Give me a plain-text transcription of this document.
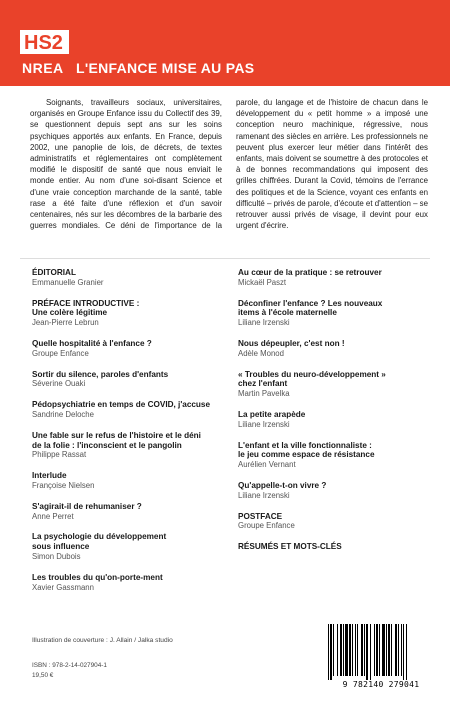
HS2
NREA L'ENFANCE MISE AU PAS

Soignants, travailleurs sociaux, universitaires, organisés en Groupe Enfance issu du Collectif des 39, se questionnent depuis sept ans sur les soins psychiques apportés aux enfants. En France, depuis 2002, une panoplie de lois, de décrets, de textes administratifs et réglementaires ont complètement modifié le dispositif de santé que nous enviait le monde entier. Au nom d'une soi-disant Science et d'une vraie conception marchande de la santé, table rase a été faite d'une réflexion et d'un savoir centenaires, nés sur les décombres de la barbarie des guerres mondiales. Ce déni de l'importance de la parole, du langage et de l'histoire de chacun dans le développement du « petit homme » a imposé une conception neuro machinique, régressive, nous ramenant des siècles en arrière. Les professionnels ne peuvent plus exercer leur métier dans l'intérêt des enfants, mais doivent se soumettre à des protocoles et à de bonnes recommandations qui imposent des grilles chiffrées. Durant la Covid, témoins de l'errance des politiques et de la Science, voyant ces enfants en difficulté – privés de parole, d'écoute et d'attention – se retrouver aussi privés de visage, il devint pour eux urgent d'écrire.

ÉDITORIAL
Emmanuelle Granier
PRÉFACE INTRODUCTIVE :
Une colère légitime
Jean-Pierre Lebrun
Quelle hospitalité à l'enfance ?
Groupe Enfance
Sortir du silence, paroles d'enfants
Séverine Ouaki
Pédopsychiatrie en temps de COVID, j'accuse
Sandrine Deloche
Une fable sur le refus de l'histoire et le déni
de la folie : l'inconscient et le pangolin
Philippe Rassat
Interlude
Françoise Nielsen
S'agirait-il de rehumaniser ?
Anne Perret
La psychologie du développement
sous influence
Simon Dubois
Les troubles du qu'on-porte-ment
Xavier Gassmann
Au cœur de la pratique : se retrouver
Mickaël Paszt
Déconfiner l'enfance ? Les nouveaux
items à l'école maternelle
Liliane Irzenski
Nous dépeupler, c'est non !
Adèle Monod
« Troubles du neuro-développement »
chez l'enfant
Martin Pavelka
La petite arapède
Liliane Irzenski
L'enfant et la ville fonctionnaliste :
le jeu comme espace de résistance
Aurélien Vernant
Qu'appelle-t-on vivre ?
Liliane Irzenski
POSTFACE
Groupe Enfance
RÉSUMÉS ET MOTS-CLÉS
Illustration de couverture : J. Allain / Jalka studio
ISBN : 978-2-14-027904-1
19,50 €
9 782140 279041
